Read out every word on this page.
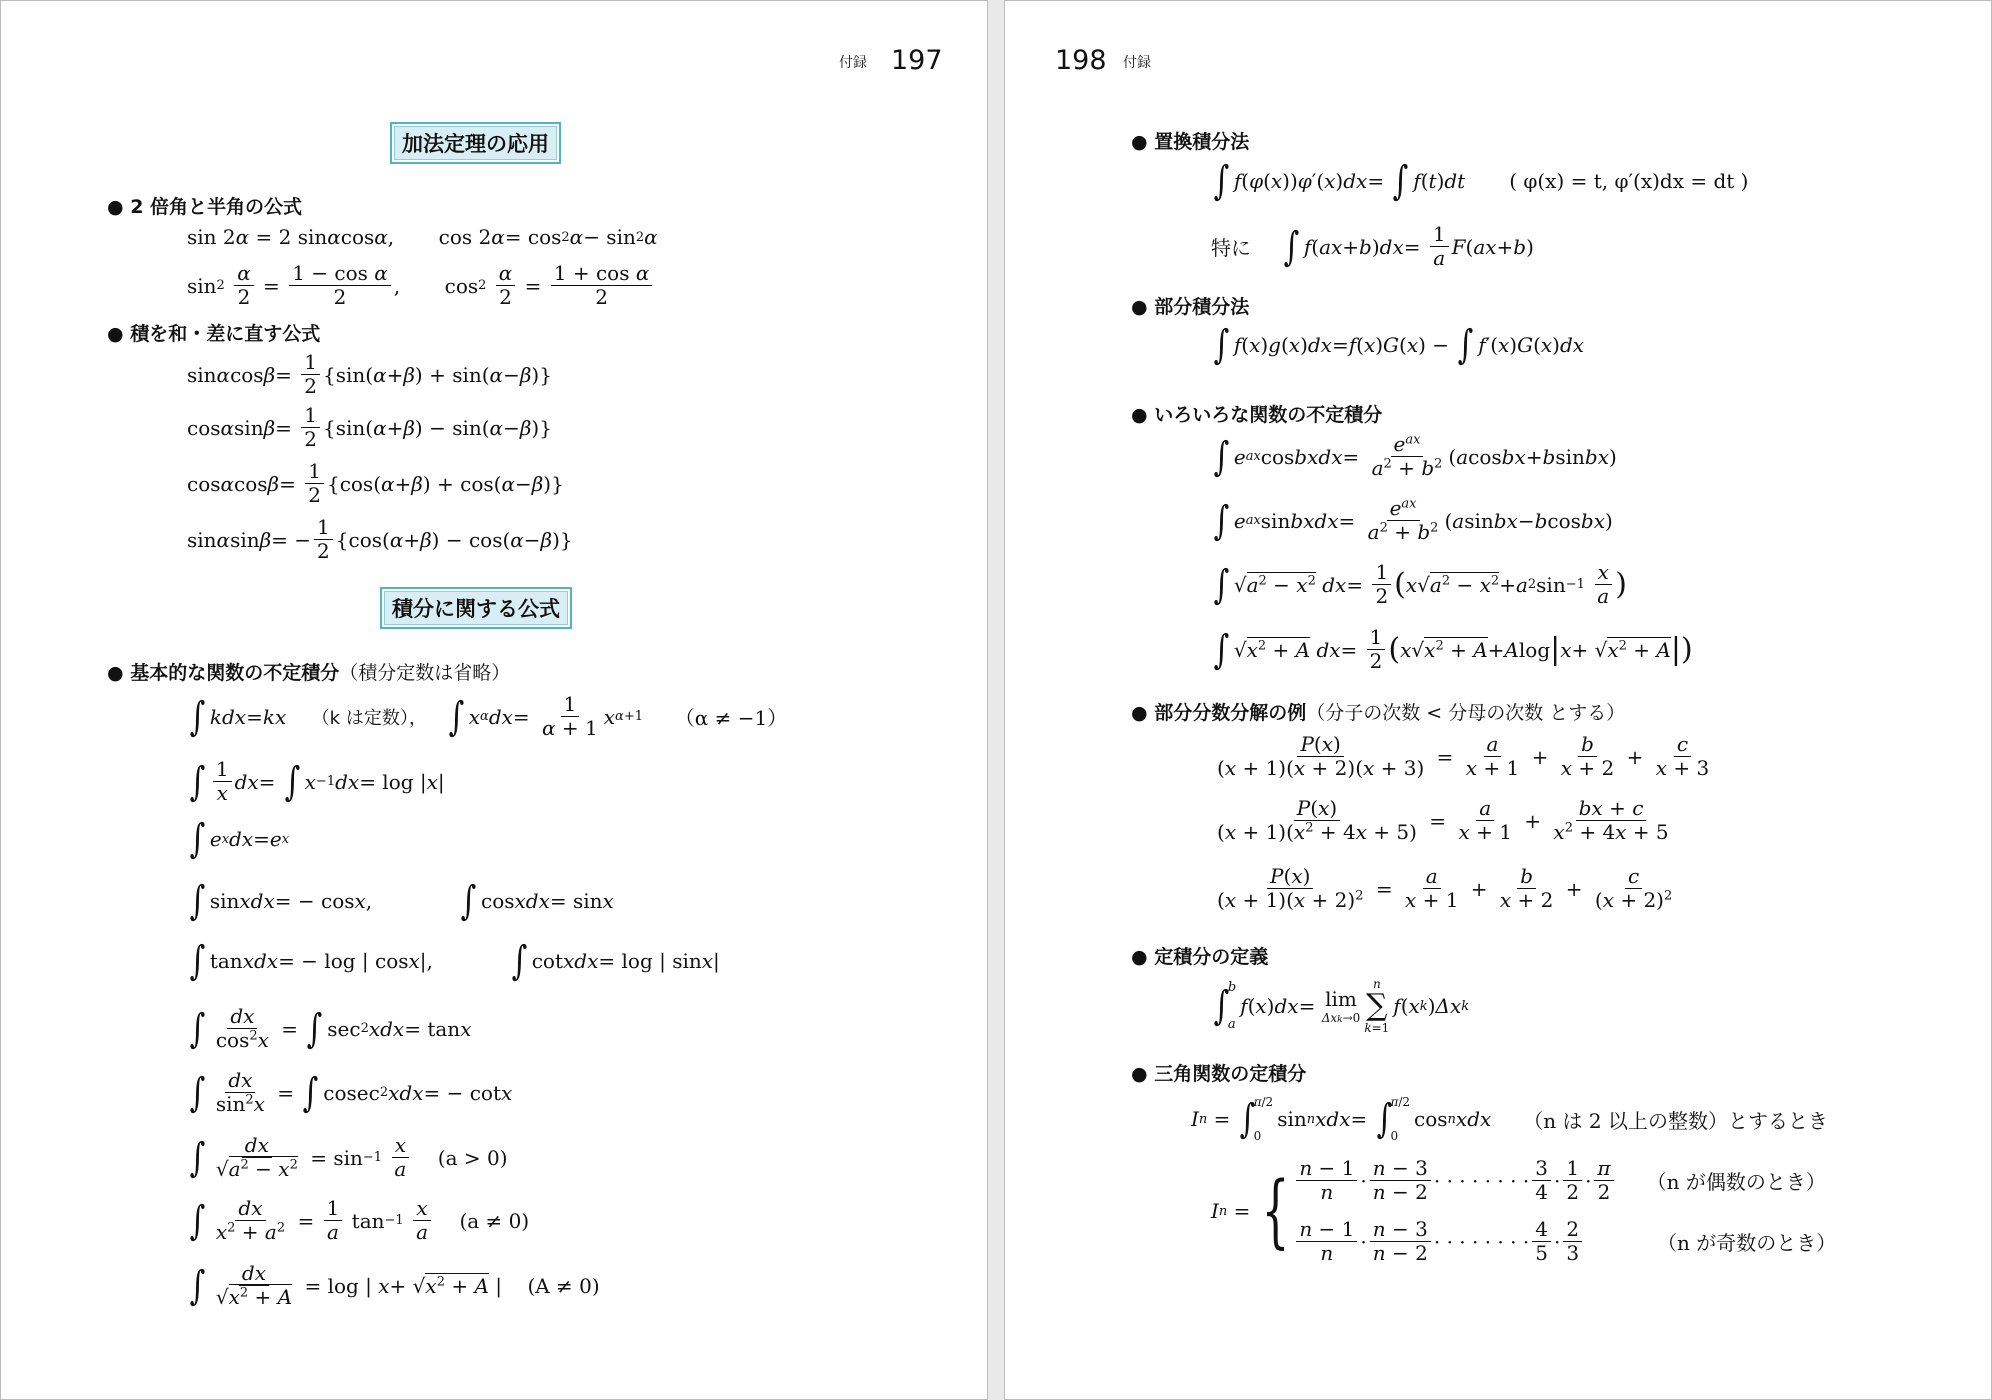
付録 197
加法定理の応用
● 2 倍角と半角の公式
sin 2 α = 2 sin α cos α ,       cos 2 α = cos 2 α − sin 2 α
sin 2
$\frac{\alpha}{2} = \frac{\text{1 − cos α}}{2}$ ,       cos 2
$\frac{\alpha}{2} = \frac{\text{1 + cos α}}{2}$
● 積を和・差に直す公式
sin α $\cos \beta = \frac{1}{2} \{\sin$( α + β ) + sin( α − β )}
cos α $\sin \beta = \frac{1}{2} \{\sin$( α + β ) − sin( α − β )}
cos α $\cos \beta = \frac{1}{2} \{\cos$( α + β ) + cos( α − β )}
sin α sin β = − $\frac{1}{2} \{\cos$( α + β ) − cos( α − β )}
積分に関する公式
● 基本的な関数の不定積分（積分定数は省略）
∫ k dx = kx
（k は定数），
∫ x α dx = $\frac{1}{\alpha + 1}$ x α+1
（α ≠ −1）
∫ $\frac{1}{x}$ dx = ∫ x −1 dx = log | x |
∫ e x dx = e x
∫ sin x dx = − cos x , ∫ cos x dx = sin x
∫ tan x dx = − log | cos x |, ∫ cot x dx = log | sin x |
∫ $\frac{dx}{\cos^2x}$ = ∫ sec 2 xdx = tan x
∫ $\frac{dx}{\sin^2x}$ = ∫ cosec 2 xdx = − cot x
∫ $\frac{dx}{√a^2 - x^2} = \sin -1$
$\frac{x}{a}$
(a > 0)
∫ $\frac{dx}{x^2 + a^2} = \frac{1}{a}$ tan −1
$\frac{x}{a}$
(a ≠ 0)
∫ $\frac{dx}{√x^2 + A} = \log$ | x + √ $x^2 + A$ | (A ≠ 0)
198 付録
● 置換積分法
∫ f ( φ ( x )) φ ′( x ) dx = ∫ f ( t ) dt ( φ(x) = t, φ′(x)dx = dt )
特に ∫ f ( ax + b ) dx = $\frac{1}{a}$ F ( ax + b )
● 部分積分法
∫ f ( x ) g ( x ) dx = f ( x ) G ( x ) − ∫ f ′( x ) G ( x ) dx
● いろいろな関数の不定積分
∫ e ax cos bx dx = $\frac{e^{ax}}{a^2 + b^2}$ ( a cos bx + b sin bx )
∫ e ax sin bx dx = $\frac{e^{ax}}{a^2 + b^2}$ ( a sin bx − b cos bx )
∫ √ $a^2 - x^2$
dx = $\frac{1}{2}$ ( x √ $a^2 - x^2 + a$ 2 sin −1
$\frac{x}{a}$ )
∫ √ $x^2 + A$
dx = $\frac{1}{2}$ ( x √ $x^2 + A + A$ log | x + √ $x^2 + A$ |)
● 部分分数分解の例（分子の次数 < 分母の次数 とする）
$\frac{P(x)}{(x + 1)(x + 2)(x + 3)} = \frac{a}{x + 1} + \frac{b}{x + 2} + \frac{c}{x + 3}$
$\frac{P(x)}{(x + 1)(x^2 + 4x + 5)} = \frac{a}{x + 1} + \frac{bx + c}{x^2 + 4x + 5}$
$\frac{P(x)}{(x + 1)(x + 2)^2} = \frac{a}{x + 1} + \frac{b}{x + 2} + \frac{c}{(x + 2)^2}$
● 定積分の定義
∫
b
a
f ( x ) dx = lim
Δxk→0
n
∑
k=1
f ( x k ) Δx k
● 三角関数の定積分
I n = ∫
π/2
0
sin n x dx = ∫
π/2
0
cos n x dx （n は 2 以上の整数）とするとき
I n = { $\frac{n - 1}{n} \cdot \frac{n - 3}{n - 2}$ · · · · · · · · $\frac{3}{4} \cdot \frac{1}{2} \cdot \frac{\pi}{2} (n$ が偶数のとき）
$\frac{n - 1}{n} \cdot \frac{n - 3}{n - 2}$ · · · · · · · · $\frac{4}{5} \cdot \frac{2}{3}$	（n が奇数のとき）
